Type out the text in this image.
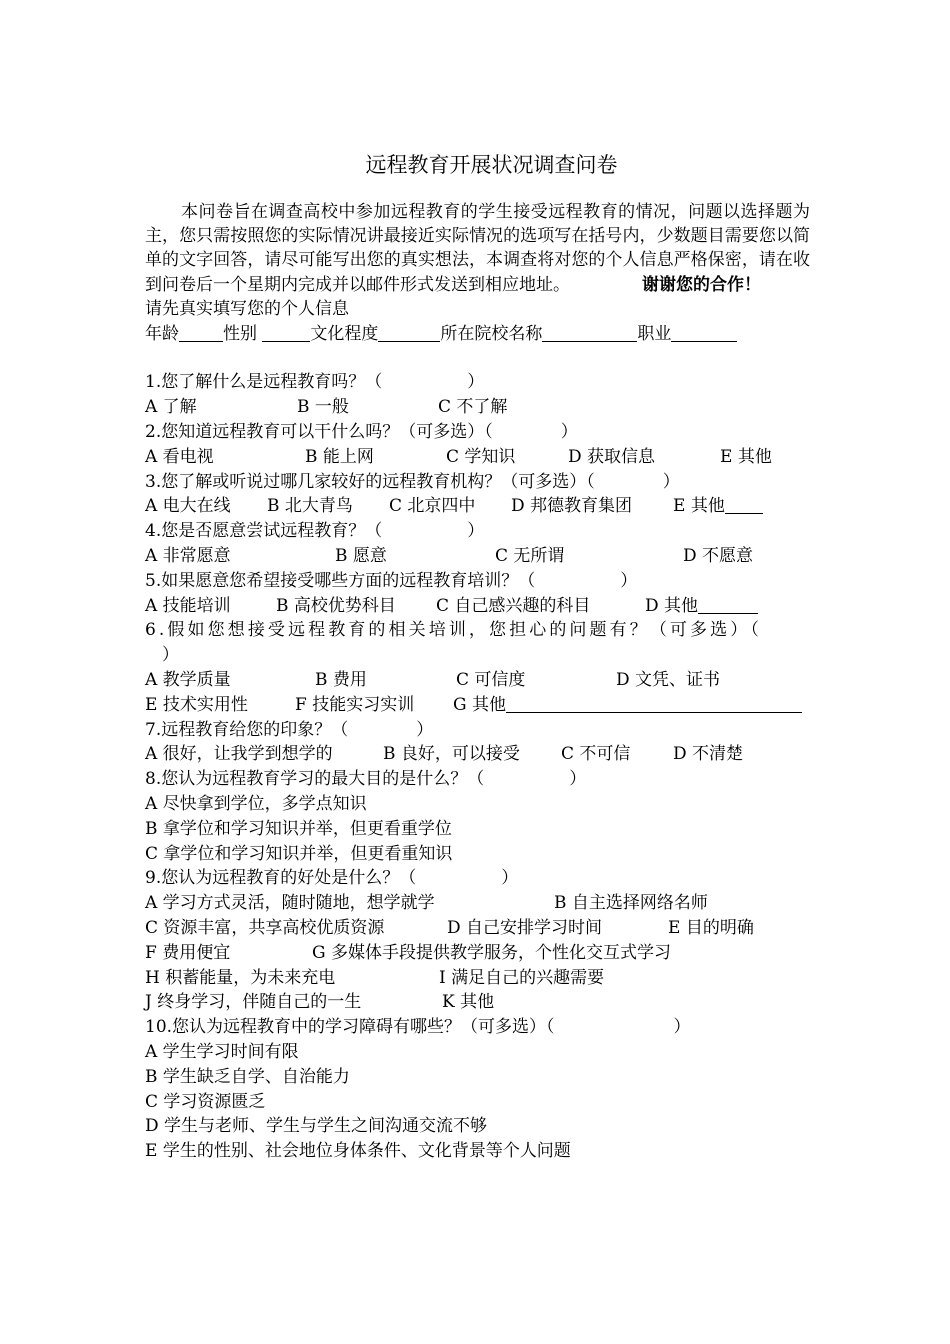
远程教育开展状况调查问卷

本问卷旨在调查高校中参加远程教育的学生接受远程教育的情况，问题以选择题为主，您只需按照您的实际情况讲最接近实际情况的选项写在括号内，少数题目需要您以简单的文字回答，请尽可能写出您的真实想法，本调查将对您的个人信息严格保密，请在收到问卷后一个星期内完成并以邮件形式发送到相应地址。	谢谢您的合作！

请先真实填写您的个人信息

年龄	性别	文化程度	所在院校名称	职业

1.您了解什么是远程教育吗？（　　　　　）

A 了解	B 一般	C 不了解

2.您知道远程教育可以干什么吗？（可多选）（　　　　）

A 看电视	B 能上网	C 学知识	D 获取信息	E 其他

3.您了解或听说过哪几家较好的远程教育机构？（可多选）（　　　　）

A 电大在线	B 北大青鸟	C 北京四中	D 邦德教育集团	E 其他

4.您是否愿意尝试远程教育？（　　　　　）

A 非常愿意	B 愿意	C 无所谓	D 不愿意

5.如果愿意您希望接受哪些方面的远程教育培训？（　　　　　）

A 技能培训	B 高校优势科目	C 自己感兴趣的科目	D 其他

6.假如您想接受远程教育的相关培训，您担心的问题有？（可多选）（
　）

A 教学质量	B 费用	C 可信度	D 文凭、证书
E 技术实用性	F 技能实习实训	G 其他

7.远程教育给您的印象？（　　　　）

A 很好，让我学到想学的	B 良好，可以接受	C 不可信	D 不清楚

8.您认为远程教育学习的最大目的是什么？（　　　　　）

A 尽快拿到学位，多学点知识

B 拿学位和学习知识并举，但更看重学位

C 拿学位和学习知识并举，但更看重知识

9.您认为远程教育的好处是什么？（　　　　　）

A 学习方式灵活，随时随地，想学就学	B 自主选择网络名师
C 资源丰富，共享高校优质资源	D 自己安排学习时间	E 目的明确
F 费用便宜	G 多媒体手段提供教学服务，个性化交互式学习
H 积蓄能量，为未来充电	I 满足自己的兴趣需要
J 终身学习，伴随自己的一生	K 其他

10.您认为远程教育中的学习障碍有哪些？（可多选）（　　　　　　　）

A 学生学习时间有限

B 学生缺乏自学、自治能力

C 学习资源匮乏

D 学生与老师、学生与学生之间沟通交流不够

E 学生的性别、社会地位身体条件、文化背景等个人问题
